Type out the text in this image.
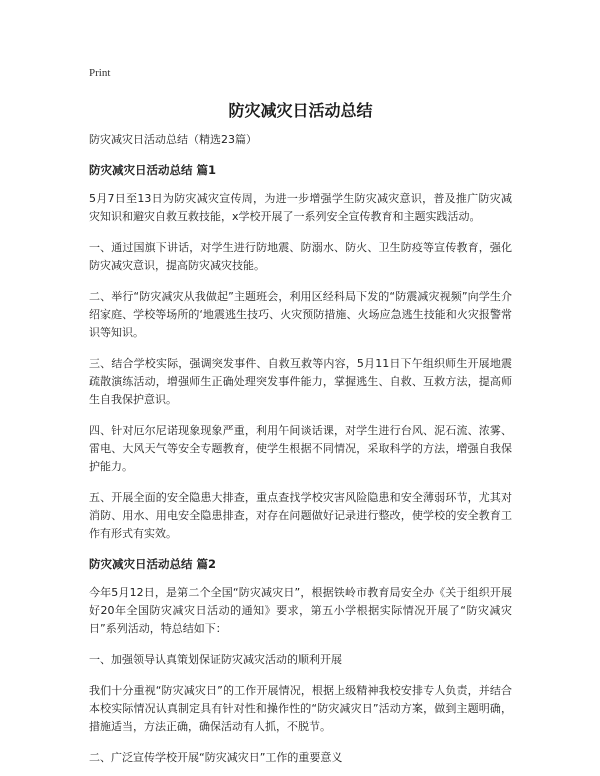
Print
防灾减灾日活动总结

防灾减灾日活动总结（精选23篇）

防灾减灾日活动总结 篇1

5月7日至13日为防灾减灾宣传周，为进一步增强学生防灾减灾意识，普及推广防灾减灾知识和避灾自救互救技能，x学校开展了一系列安全宣传教育和主题实践活动。

一、通过国旗下讲话，对学生进行防地震、防溺水、防火、卫生防疫等宣传教育，强化防灾减灾意识，提高防灾减灾技能。

二、举行“防灾减灾从我做起”主题班会，利用区经科局下发的“防震减灾视频”向学生介绍家庭、学校等场所的‘地震逃生技巧、火灾预防措施、火场应急逃生技能和火灾报警常识等知识。

三、结合学校实际，强调突发事件、自救互救等内容，5月11日下午组织师生开展地震疏散演练活动，增强师生正确处理突发事件能力，掌握逃生、自救、互救方法，提高师生自我保护意识。

四、针对厄尔尼诺现象现象严重，利用午间谈话课，对学生进行台风、泥石流、浓雾、雷电、大风天气等安全专题教育，使学生根据不同情况，采取科学的方法，增强自我保护能力。

五、开展全面的安全隐患大排查，重点查找学校灾害风险隐患和安全薄弱环节，尤其对消防、用水、用电安全隐患排查，对存在问题做好记录进行整改，使学校的安全教育工作有形式有实效。

防灾减灾日活动总结 篇2

今年5月12日，是第二个全国“防灾减灾日”，根据铁岭市教育局安全办《关于组织开展好20年全国防灾减灾日活动的通知》要求，第五小学根据实际情况开展了“防灾减灾日”系列活动，特总结如下：

一、加强领导认真策划保证防灾减灾活动的顺利开展

我们十分重视“防灾减灾日”的工作开展情况，根据上级精神我校安排专人负责，并结合本校实际情况认真制定具有针对性和操作性的“防灾减灾日”活动方案，做到主题明确，措施适当，方法正确，确保活动有人抓，不脱节。

二、广泛宣传学校开展“防灾减灾日”工作的重要意义
